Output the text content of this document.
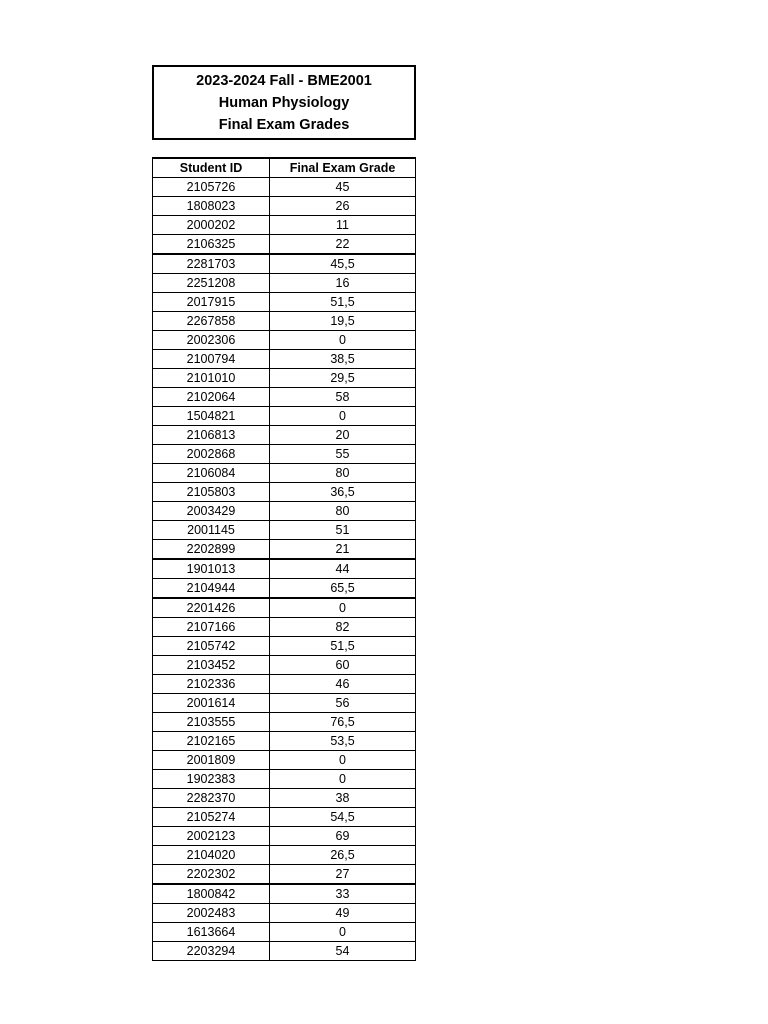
2023-2024 Fall - BME2001
Human Physiology
Final Exam Grades
Student ID	Final Exam Grade
2105726	45
1808023	26
2000202	11
2106325	22
2281703	45,5
2251208	16
2017915	51,5
2267858	19,5
2002306	0
2100794	38,5
2101010	29,5
2102064	58
1504821	0
2106813	20
2002868	55
2106084	80
2105803	36,5
2003429	80
2001145	51
2202899	21
1901013	44
2104944	65,5
2201426	0
2107166	82
2105742	51,5
2103452	60
2102336	46
2001614	56
2103555	76,5
2102165	53,5
2001809	0
1902383	0
2282370	38
2105274	54,5
2002123	69
2104020	26,5
2202302	27
1800842	33
2002483	49
1613664	0
2203294	54
